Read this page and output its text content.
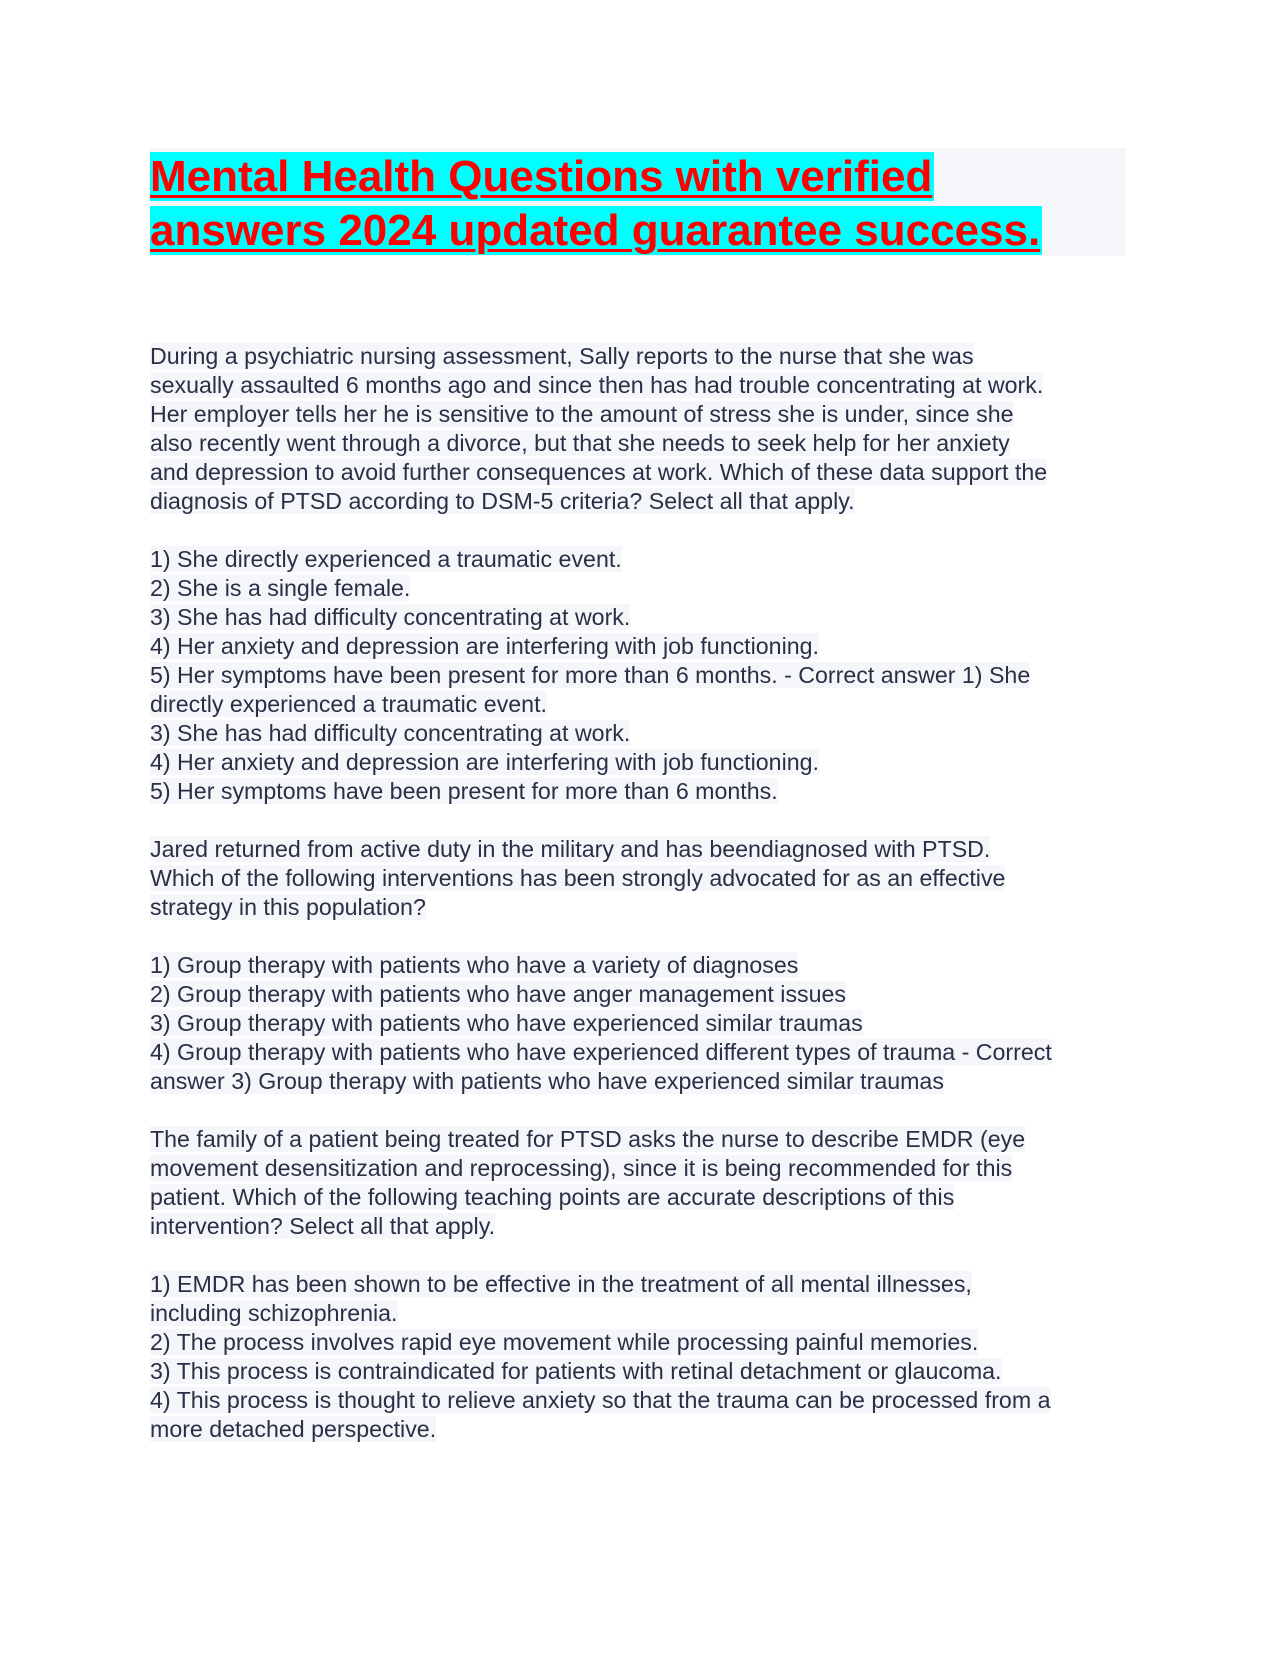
Mental Health Questions with verified
answers 2024 updated guarantee success.
During a psychiatric nursing assessment, Sally reports to the nurse that she was
sexually assaulted 6 months ago and since then has had trouble concentrating at work.
Her employer tells her he is sensitive to the amount of stress she is under, since she
also recently went through a divorce, but that she needs to seek help for her anxiety
and depression to avoid further consequences at work. Which of these data support the
diagnosis of PTSD according to DSM-5 criteria? Select all that apply.
1) She directly experienced a traumatic event.
2) She is a single female.
3) She has had difficulty concentrating at work.
4) Her anxiety and depression are interfering with job functioning.
5) Her symptoms have been present for more than 6 months. - Correct answer 1) She
directly experienced a traumatic event.
3) She has had difficulty concentrating at work.
4) Her anxiety and depression are interfering with job functioning.
5) Her symptoms have been present for more than 6 months.
Jared returned from active duty in the military and has beendiagnosed with PTSD.
Which of the following interventions has been strongly advocated for as an effective
strategy in this population?
1) Group therapy with patients who have a variety of diagnoses
2) Group therapy with patients who have anger management issues
3) Group therapy with patients who have experienced similar traumas
4) Group therapy with patients who have experienced different types of trauma - Correct
answer 3) Group therapy with patients who have experienced similar traumas
The family of a patient being treated for PTSD asks the nurse to describe EMDR (eye
movement desensitization and reprocessing), since it is being recommended for this
patient. Which of the following teaching points are accurate descriptions of this
intervention? Select all that apply.
1) EMDR has been shown to be effective in the treatment of all mental illnesses,
including schizophrenia.
2) The process involves rapid eye movement while processing painful memories.
3) This process is contraindicated for patients with retinal detachment or glaucoma.
4) This process is thought to relieve anxiety so that the trauma can be processed from a
more detached perspective.
